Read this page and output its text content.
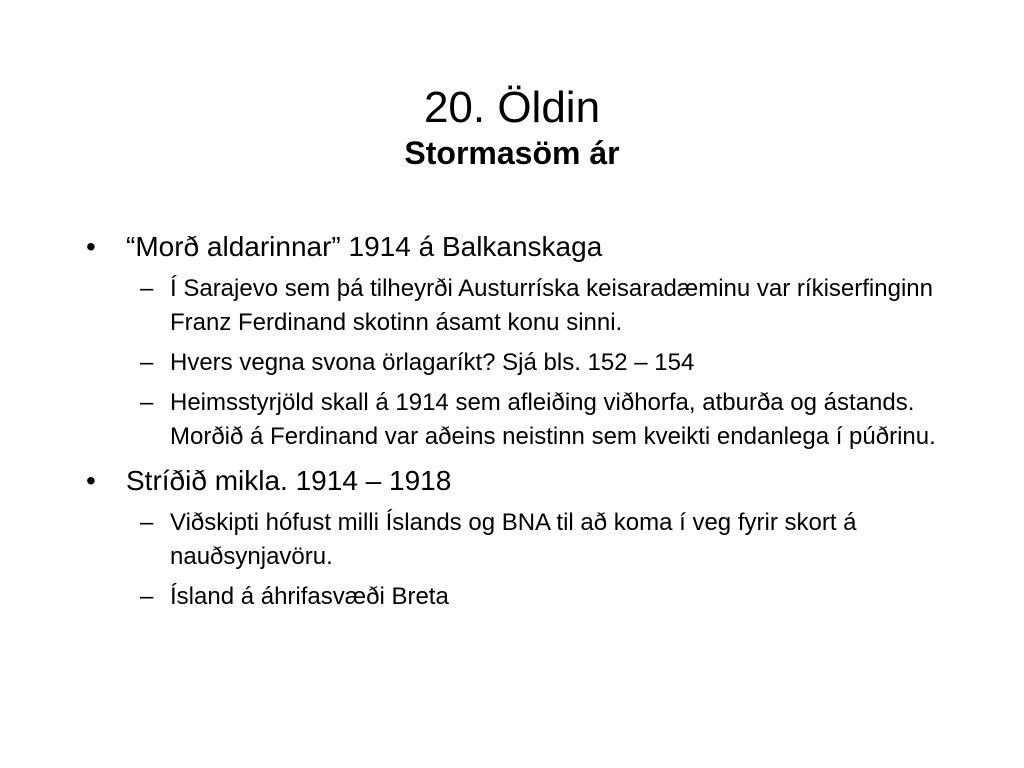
20. Öldin
Stormasöm ár
•	“Morð aldarinnar” 1914 á Balkanskaga
– Í Sarajevo sem þá tilheyrði Austurríska keisaradæminu var ríkiserfinginn Franz Ferdinand skotinn ásamt konu sinni.
– Hvers vegna svona örlagaríkt? Sjá bls. 152 – 154
– Heimsstyrjöld skall á 1914 sem afleiðing viðhorfa, atburða og ástands. Morðið á Ferdinand var aðeins neistinn sem kveikti endanlega í púðrinu.
•	Stríðið mikla. 1914 – 1918
– Viðskipti hófust milli Íslands og BNA til að koma í veg fyrir skort á nauðsynjavöru.
– Ísland á áhrifasvæði Breta
